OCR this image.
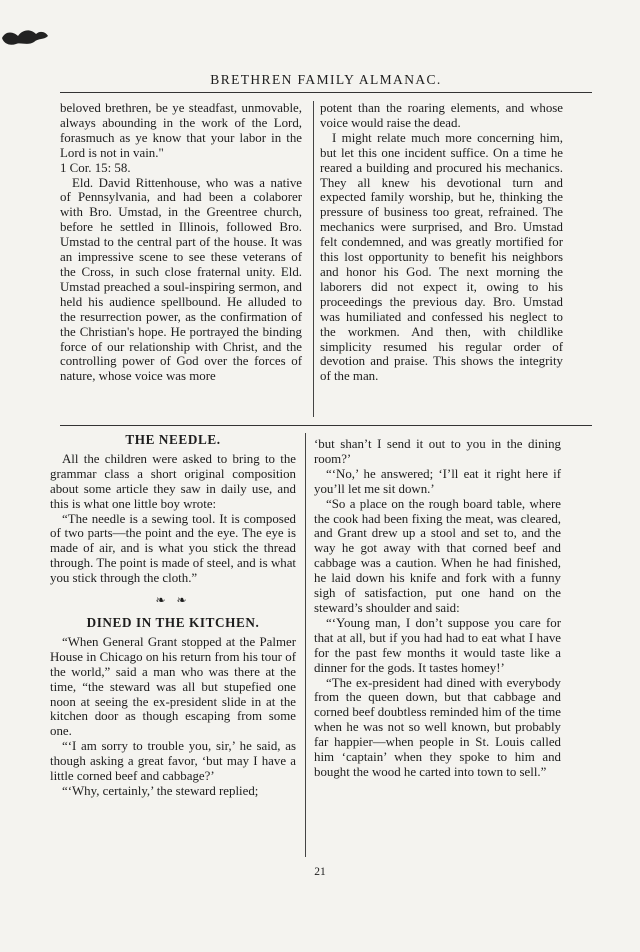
BRETHREN FAMILY ALMANAC.

beloved brethren, be ye steadfast, unmovable, always abounding in the work of the Lord, forasmuch as ye know that your labor in the Lord is not in vain."

1 Cor. 15: 58.

Eld. David Rittenhouse, who was a native of Pennsylvania, and had been a colaborer with Bro. Umstad, in the Greentree church, before he settled in Illinois, followed Bro. Umstad to the central part of the house. It was an impressive scene to see these veterans of the Cross, in such close fraternal unity. Eld. Umstad preached a soul-inspiring sermon, and held his audience spellbound. He alluded to the resurrection power, as the confirmation of the Christian's hope. He portrayed the binding force of our relationship with Christ, and the controlling power of God over the forces of nature, whose voice was more

potent than the roaring elements, and whose voice would raise the dead.

I might relate much more concerning him, but let this one incident suffice. On a time he reared a building and procured his mechanics. They all knew his devotional turn and expected family worship, but he, thinking the pressure of business too great, refrained. The mechanics were surprised, and Bro. Umstad felt condemned, and was greatly mortified for this lost opportunity to benefit his neighbors and honor his God. The next morning the laborers did not expect it, owing to his proceedings the previous day. Bro. Umstad was humiliated and confessed his neglect to the workmen. And then, with childlike simplicity resumed his regular order of devotion and praise. This shows the integrity of the man.

THE NEEDLE.

All the children were asked to bring to the grammar class a short original composition about some article they saw in daily use, and this is what one little boy wrote:

“The needle is a sewing tool. It is composed of two parts—the point and the eye. The eye is made of air, and is what you stick the thread through. The point is made of steel, and is what you stick through the cloth.”

❧ ❧
DINED IN THE KITCHEN.

“When General Grant stopped at the Palmer House in Chicago on his return from his tour of the world,” said a man who was there at the time, “the steward was all but stupefied one noon at seeing the ex-president slide in at the kitchen door as though escaping from some one.

“‘I am sorry to trouble you, sir,’ he said, as though asking a great favor, ‘but may I have a little corned beef and cabbage?’

“‘Why, certainly,’ the steward replied;

‘but shan’t I send it out to you in the dining room?’

“‘No,’ he answered; ‘I’ll eat it right here if you’ll let me sit down.’

“So a place on the rough board table, where the cook had been fixing the meat, was cleared, and Grant drew up a stool and set to, and the way he got away with that corned beef and cabbage was a caution. When he had finished, he laid down his knife and fork with a funny sigh of satisfaction, put one hand on the steward’s shoulder and said:

“‘Young man, I don’t suppose you care for that at all, but if you had had to eat what I have for the past few months it would taste like a dinner for the gods. It tastes homey!’

“The ex-president had dined with everybody from the queen down, but that cabbage and corned beef doubtless reminded him of the time when he was not so well known, but probably far happier—when people in St. Louis called him ‘captain’ when they spoke to him and bought the wood he carted into town to sell.”

21
